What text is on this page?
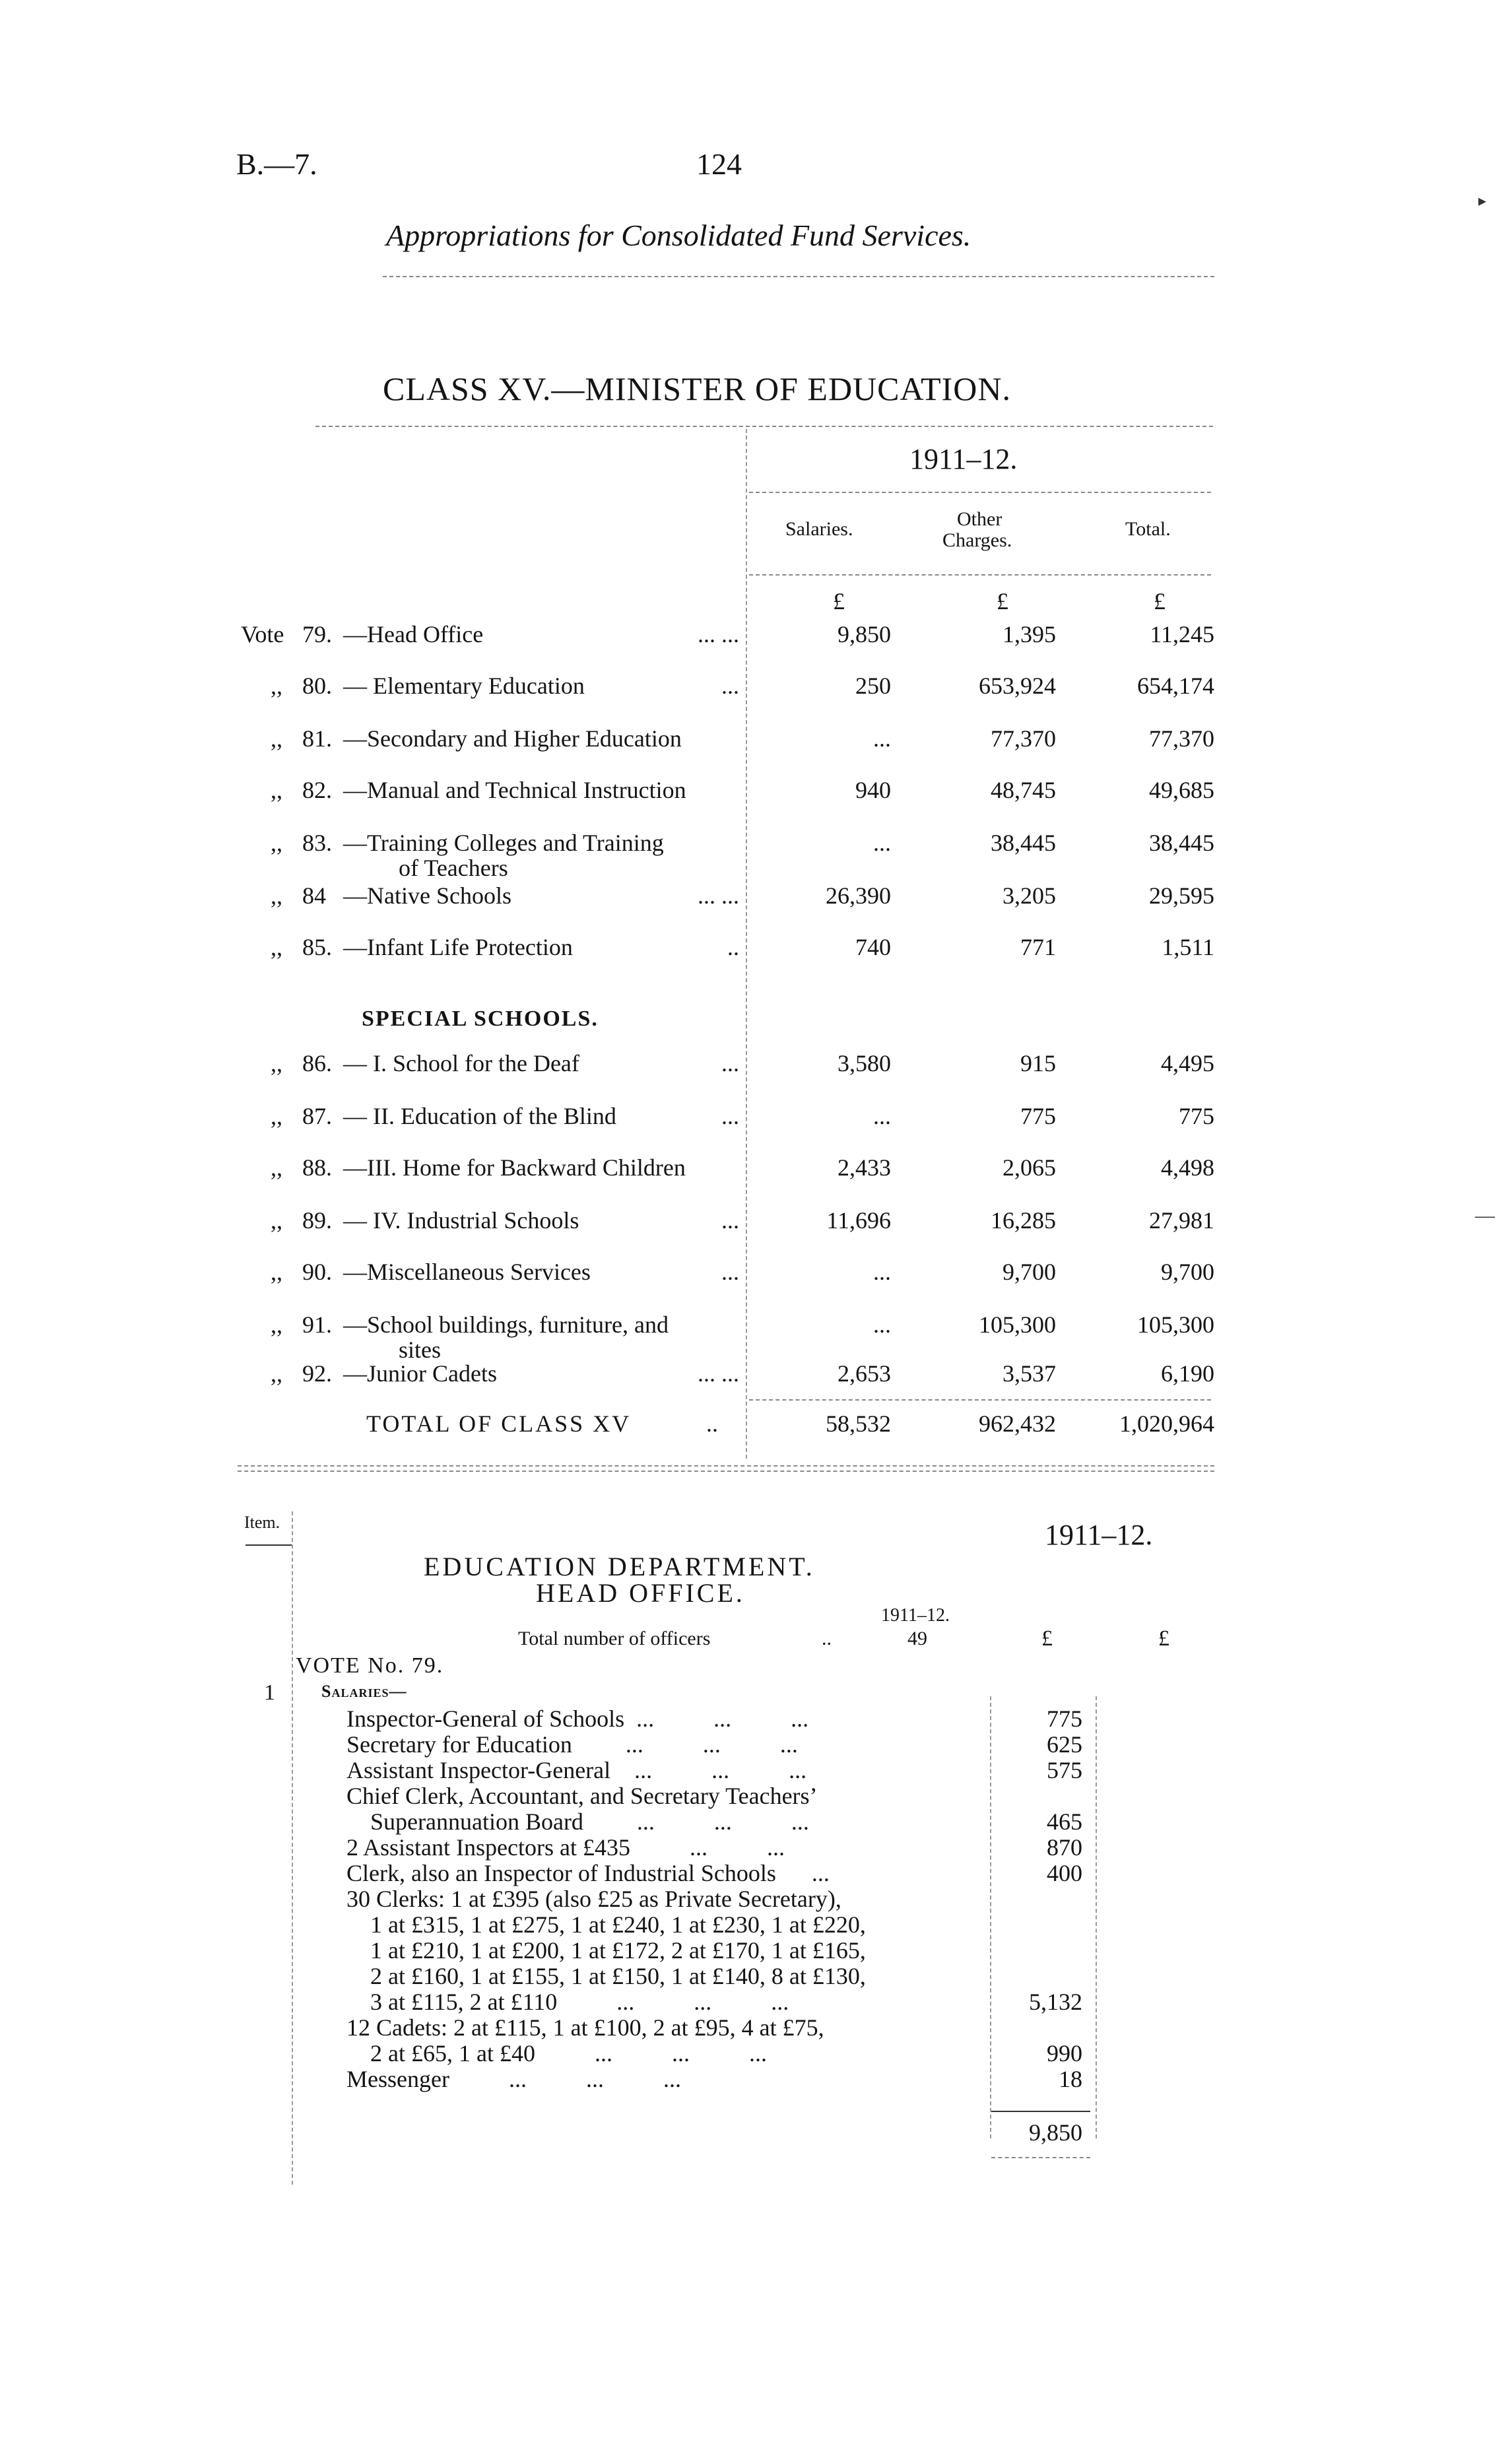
B.—7.	124
Appropriations for Consolidated Fund Services.
CLASS XV.—MINISTER OF EDUCATION.
1911–12.
Salaries.	Other
Charges.
Total.
£	£	£
Vote 79. —Head Office	... ...	9,850	1,395	11,245
,, 80. — Elementary Education	...	250	653,924	654,174
,, 81. —Secondary and Higher Education	...	77,370	77,370
,, 82. —Manual and Technical Instruction	940	48,745	49,685
,, 83. —Training Colleges and Training
of Teachers
...	38,445	38,445
,, 84 —Native Schools	... ...	26,390	3,205	29,595
,, 85. —Infant Life Protection	..	740	771	1,511
SPECIAL SCHOOLS.
,, 86. — I. School for the Deaf	...	3,580	915	4,495
,, 87. — II. Education of the Blind	...	...	775	775
,, 88. —III. Home for Backward Children	2,433	2,065	4,498
,, 89. — IV. Industrial Schools	...	11,696	16,285	27,981
,, 90. —Miscellaneous Services	...	...	9,700	9,700
,, 91. —School buildings, furniture, and
sites
...	105,300	105,300
,, 92. —Junior Cadets	... ...	2,653	3,537	6,190
TOTAL OF CLASS XV	..	58,532	962,432	1,020,964
Item.	1911–12.
EDUCATION DEPARTMENT.
HEAD OFFICE.
1911–12.
Total number of officers	..	49	£	£
VOTE No. 79.
1	Salaries—
Inspector-General of Schools  ...          ...          ...	775
Secretary for Education         ...          ...          ...	625
Assistant Inspector-General    ...          ...          ...	575
Chief Clerk, Accountant, and Secretary Teachers’
Superannuation Board         ...          ...          ...	465
2 Assistant Inspectors at £435          ...          ...	870
Clerk, also an Inspector of Industrial Schools      ...	400
30 Clerks: 1 at £395 (also £25 as Private Secretary),
1 at £315, 1 at £275, 1 at £240, 1 at £230, 1 at £220,
1 at £210, 1 at £200, 1 at £172, 2 at £170, 1 at £165,
2 at £160, 1 at £155, 1 at £150, 1 at £140, 8 at £130,
3 at £115, 2 at £110          ...          ...          ...	5,132
12 Cadets: 2 at £115, 1 at £100, 2 at £95, 4 at £75,
2 at £65, 1 at £40          ...          ...          ...	990
Messenger          ...          ...          ...	18
9,850
▸
—
